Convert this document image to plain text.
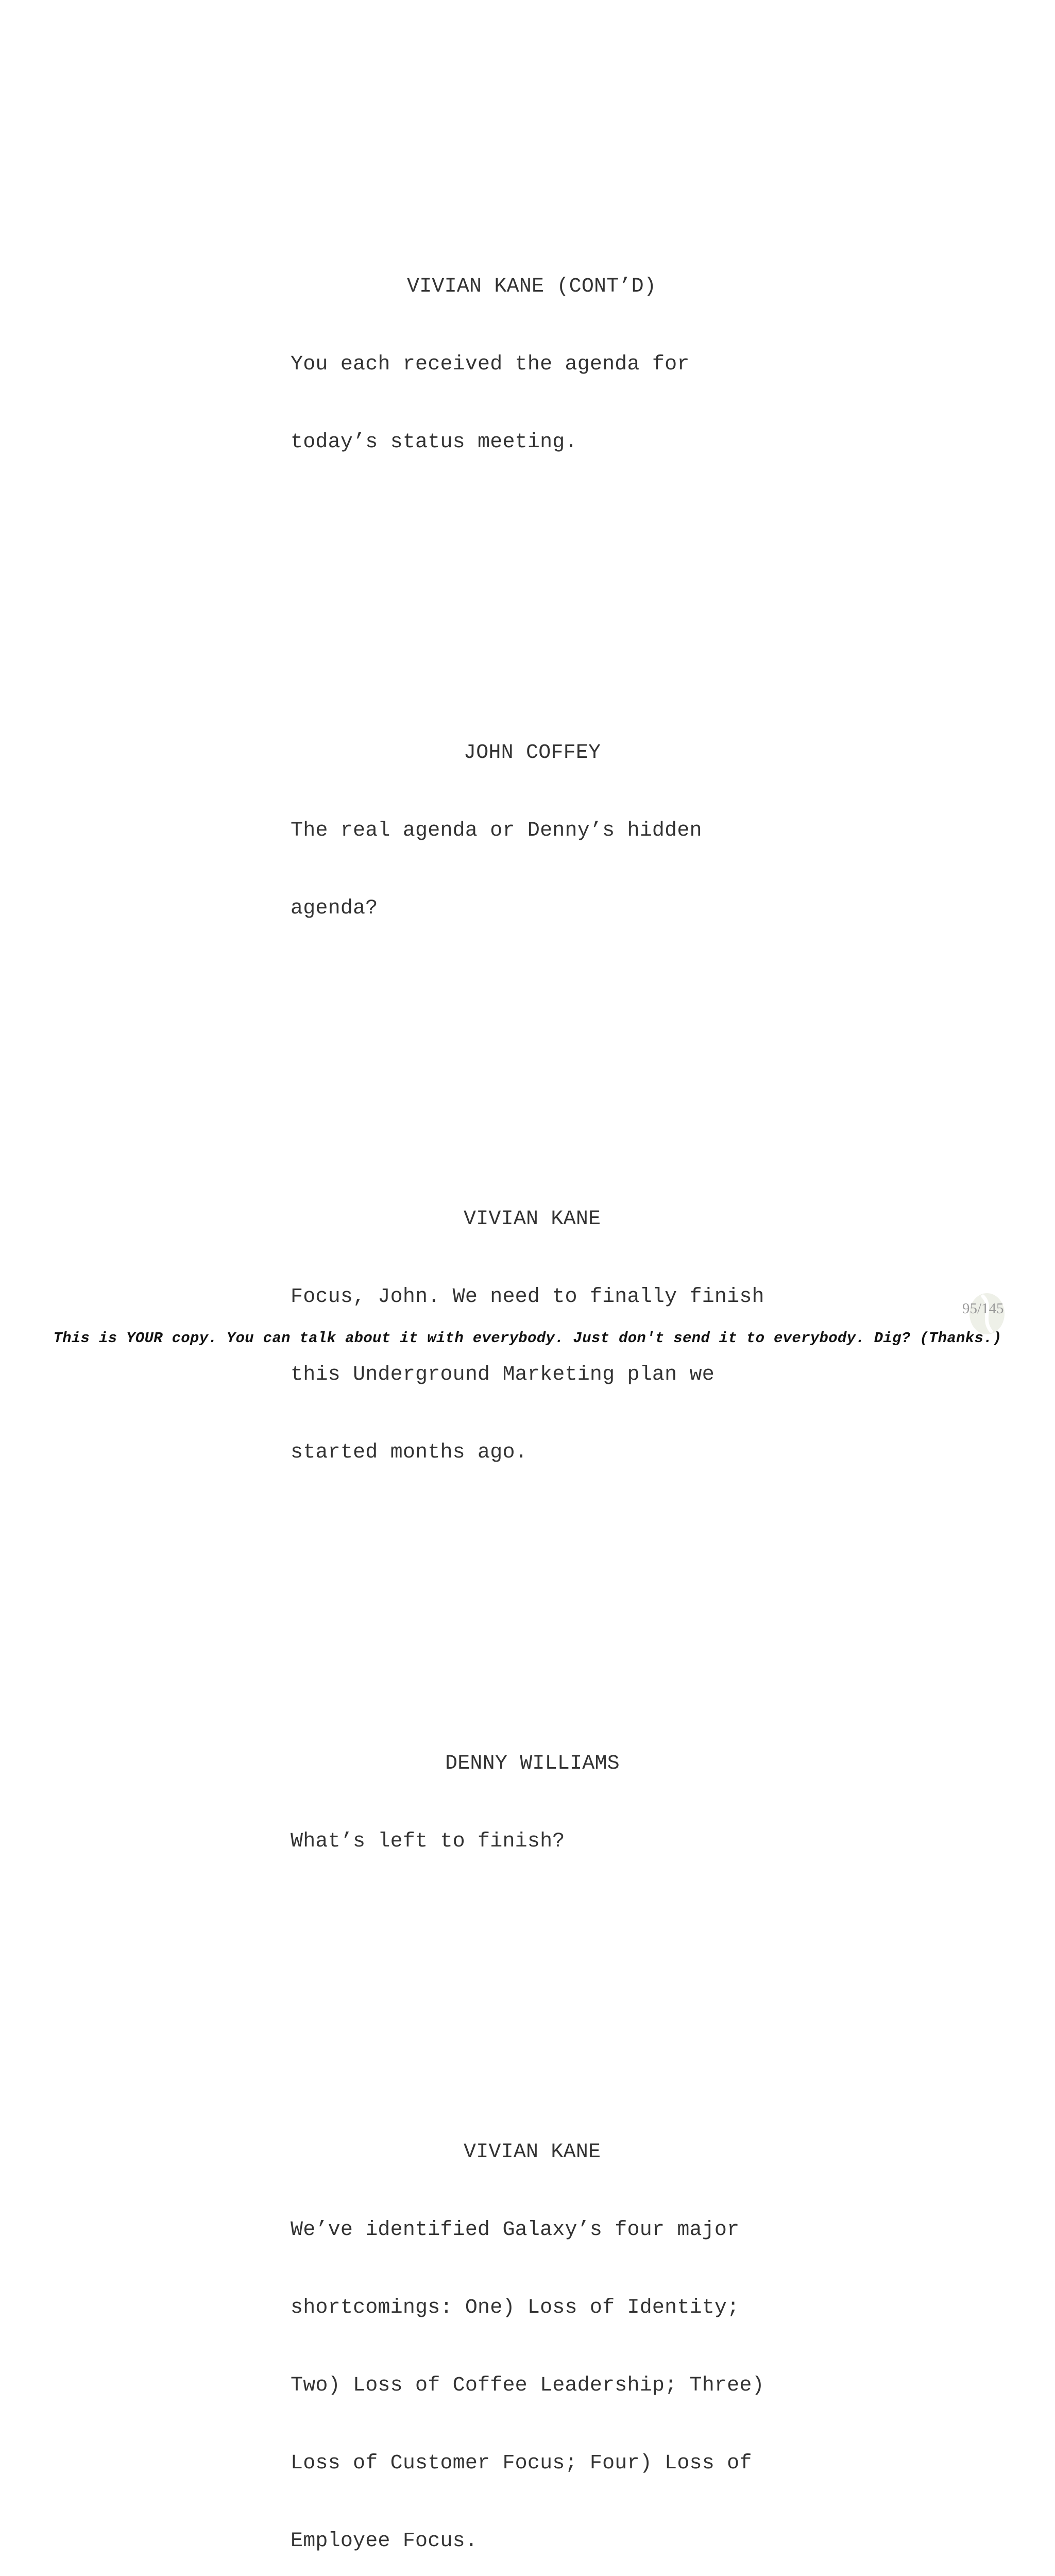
VIVIAN KANE (CONT’D)

You each received the agenda for

today’s status meeting.

JOHN COFFEY

The real agenda or Denny’s hidden

agenda?

VIVIAN KANE

Focus, John. We need to finally finish

this Underground Marketing plan we

started months ago.

DENNY WILLIAMS

What’s left to finish?

VIVIAN KANE

We’ve identified Galaxy’s four major

shortcomings: One) Loss of Identity;

Two) Loss of Coffee Leadership; Three)

Loss of Customer Focus; Four) Loss of

Employee Focus.

95/145
This is YOUR copy. You can talk about it with everybody. Just don't send it to everybody. Dig? (Thanks.)
